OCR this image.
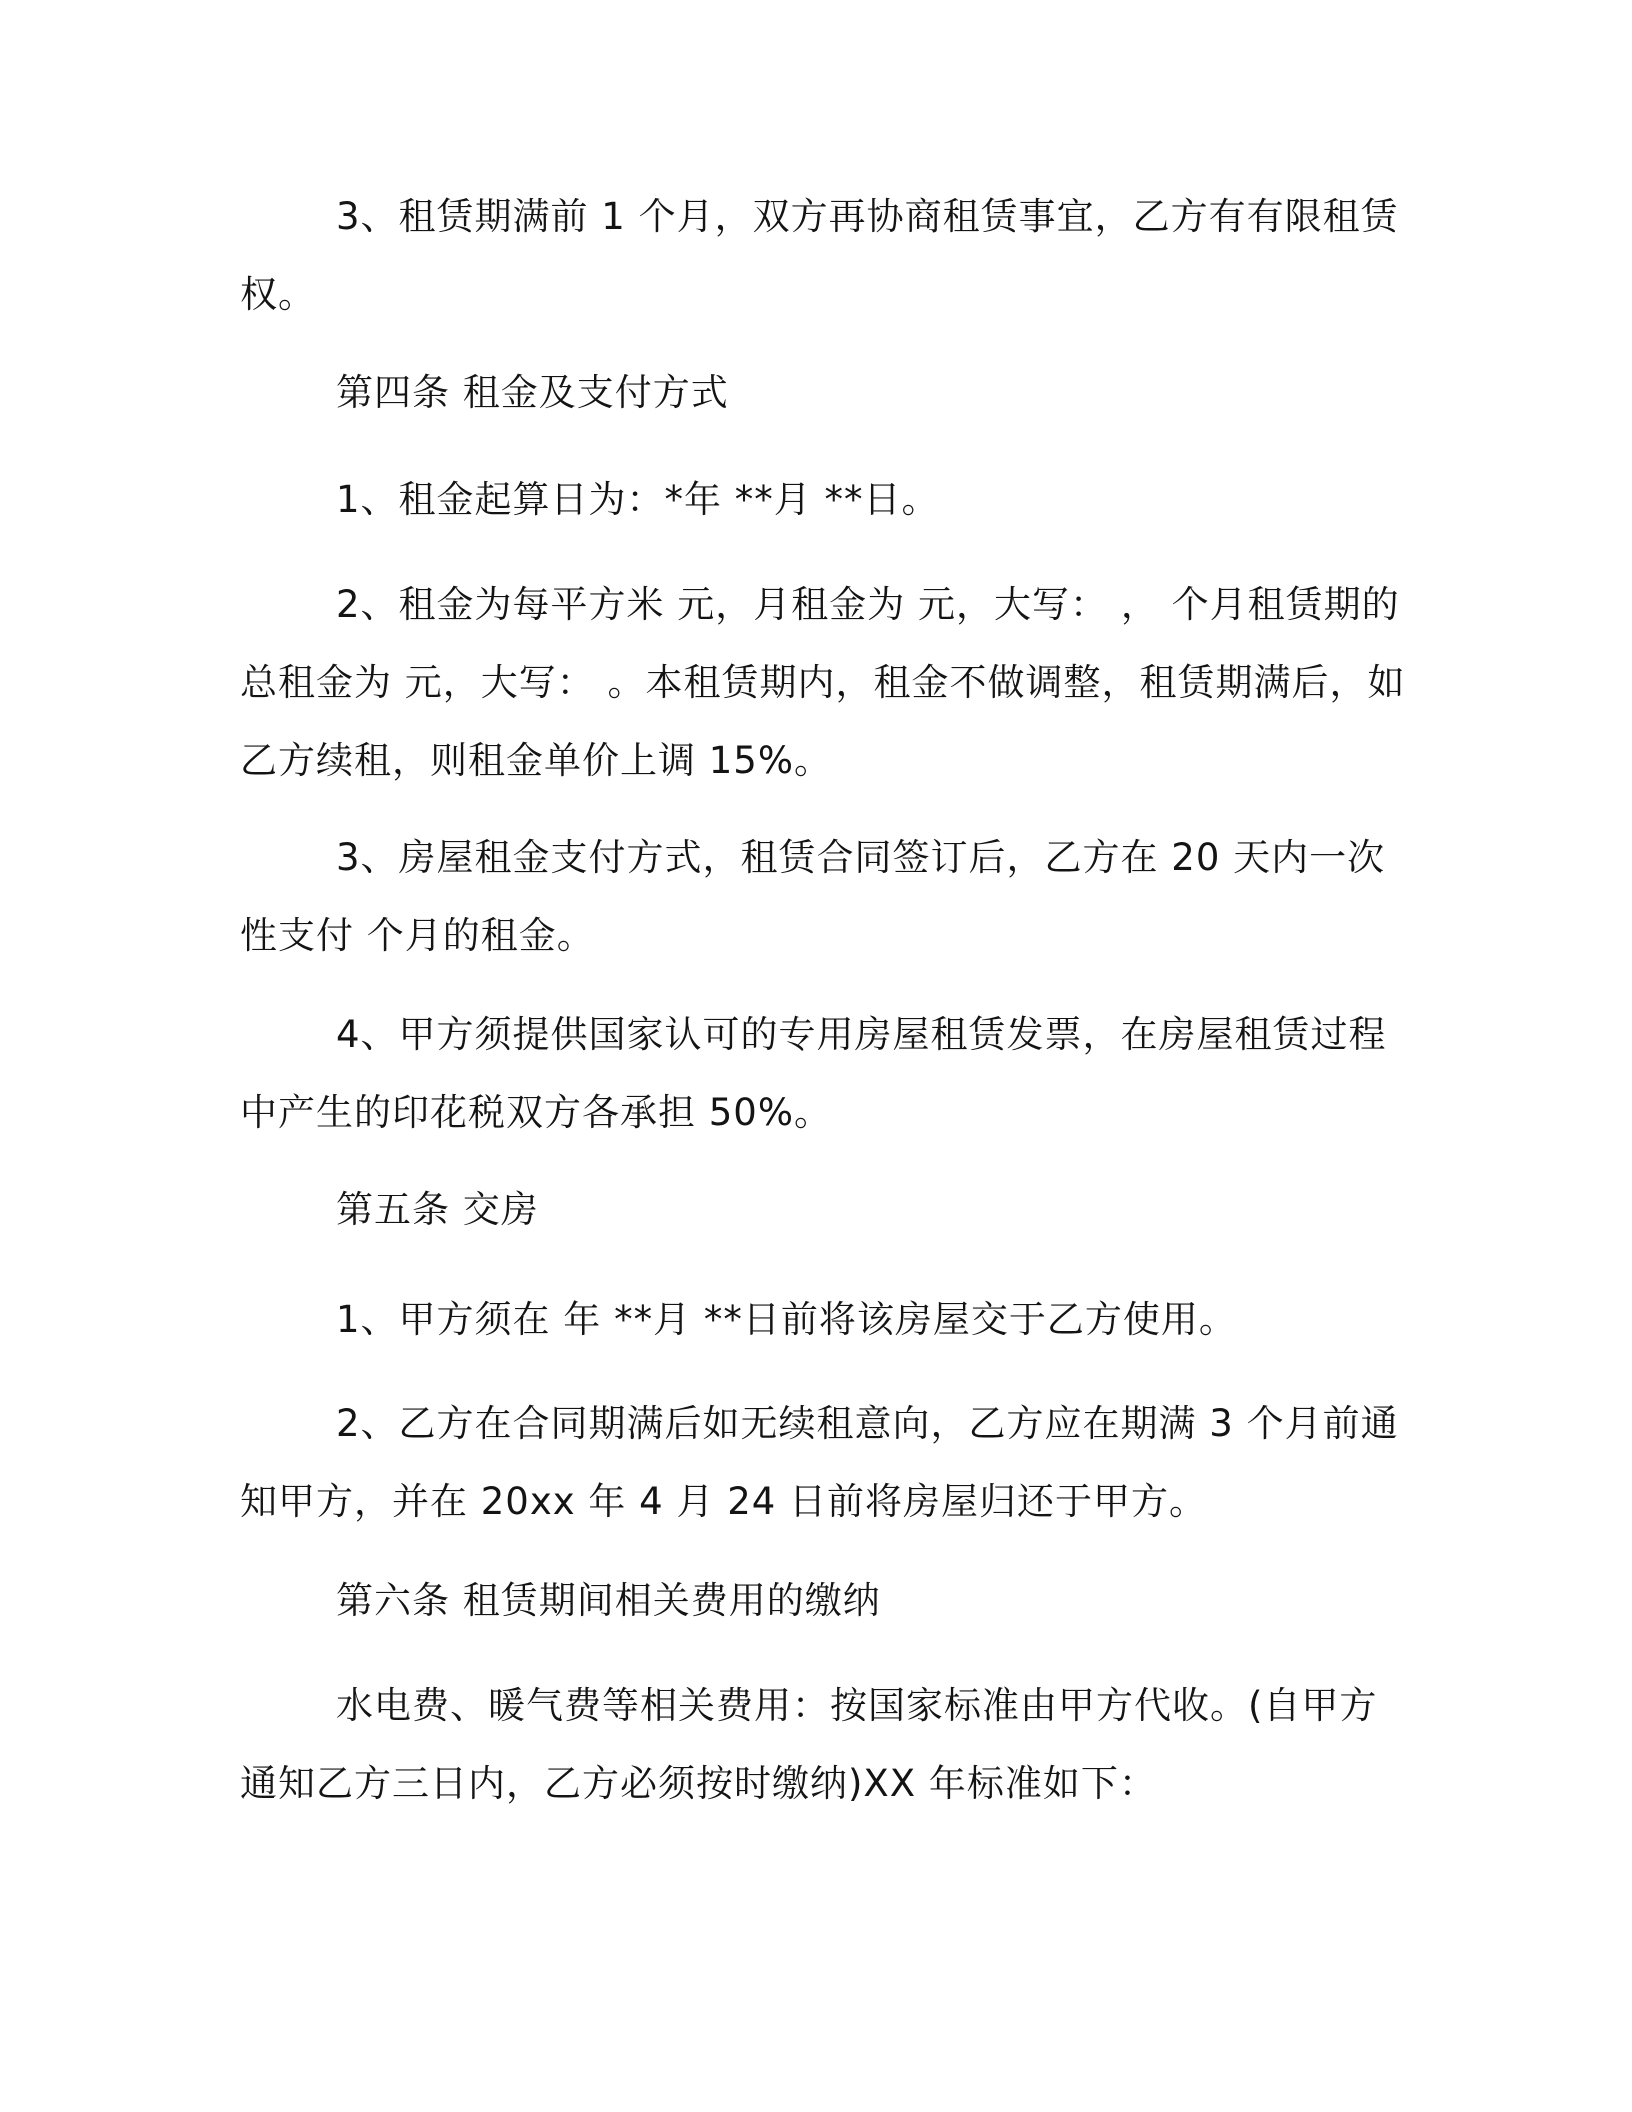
3、租赁期满前 1 个月，双方再协商租赁事宜，乙方有有限租赁权。

第四条 租金及支付方式

1、租金起算日为：*年 **月 **日。

2、租金为每平方米 元，月租金为 元，大写： ， 个月租赁期的总租金为 元，大写： 。本租赁期内，租金不做调整，租赁期满后，如乙方续租，则租金单价上调 15%。

3、房屋租金支付方式，租赁合同签订后，乙方在 20 天内一次性支付 个月的租金。

4、甲方须提供国家认可的专用房屋租赁发票，在房屋租赁过程中产生的印花税双方各承担 50%。

第五条 交房

1、甲方须在 年 **月 **日前将该房屋交于乙方使用。

2、乙方在合同期满后如无续租意向，乙方应在期满 3 个月前通知甲方，并在 20xx 年 4 月 24 日前将房屋归还于甲方。

第六条 租赁期间相关费用的缴纳

水电费、暖气费等相关费用：按国家标准由甲方代收。(自甲方通知乙方三日内，乙方必须按时缴纳)XX 年标准如下：
